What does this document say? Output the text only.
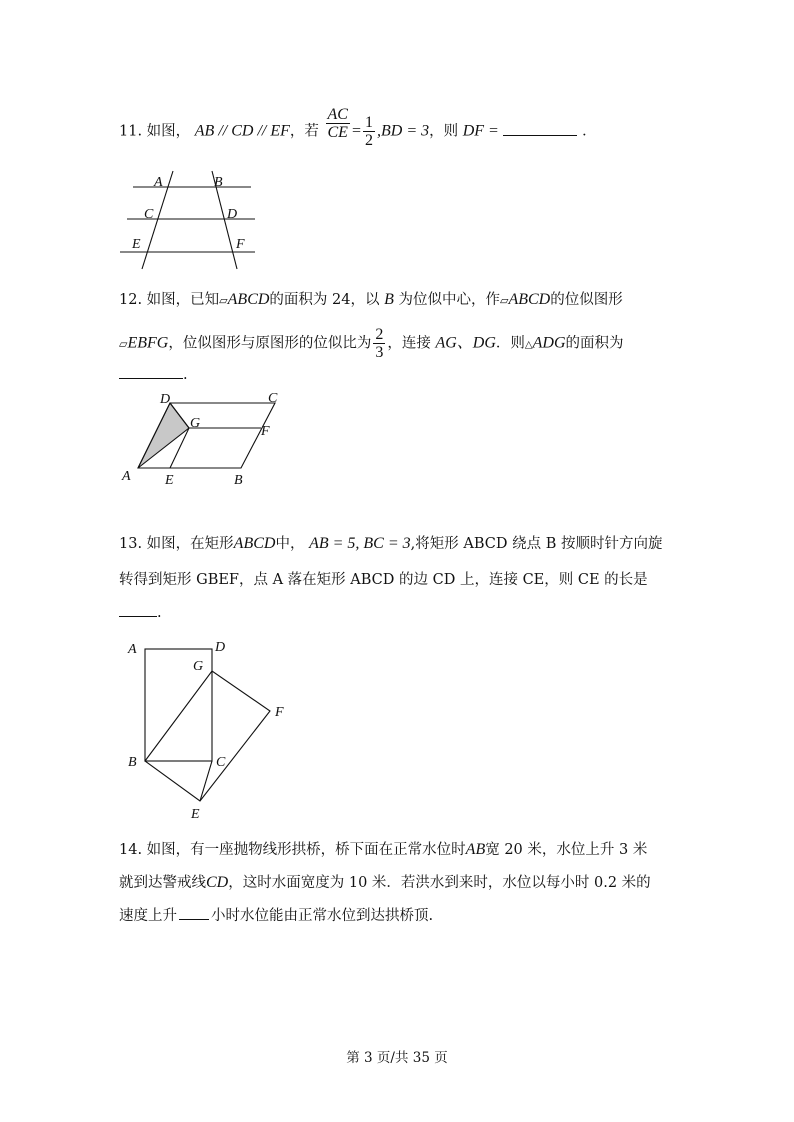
11. 如图， AB // CD // EF，若 $\frac{AC}{CE} = \frac{1}{2} ,BD = 3$，则 DF =	．
A	B
C	D
E	F
12. 如图，已知▱ABCD的面积为 24，以 B 为位似中心，作▱ABCD的位似图形
▱EBFG，位似图形与原图形的位似比为 $\frac{2}{3}$ ，连接 AG、DG．则△ADG的面积为
.
D	C
G
F
A E	B
13. 如图，在矩形ABCD中， AB = 5, BC = 3,将矩形 ABCD 绕点 B 按顺时针方向旋
转得到矩形 GBEF，点 A 落在矩形 ABCD 的边 CD 上，连接 CE，则 CE 的长是
.
A	D
G
F
B	C
E
14. 如图，有一座抛物线形拱桥，桥下面在正常水位时AB宽 20 米，水位上升 3 米
就到达警戒线CD，这时水面宽度为 10 米．若洪水到来时，水位以每小时 0.2 米的
速度上升 小时水位能由正常水位到达拱桥顶.
第 3 页/共 35 页
